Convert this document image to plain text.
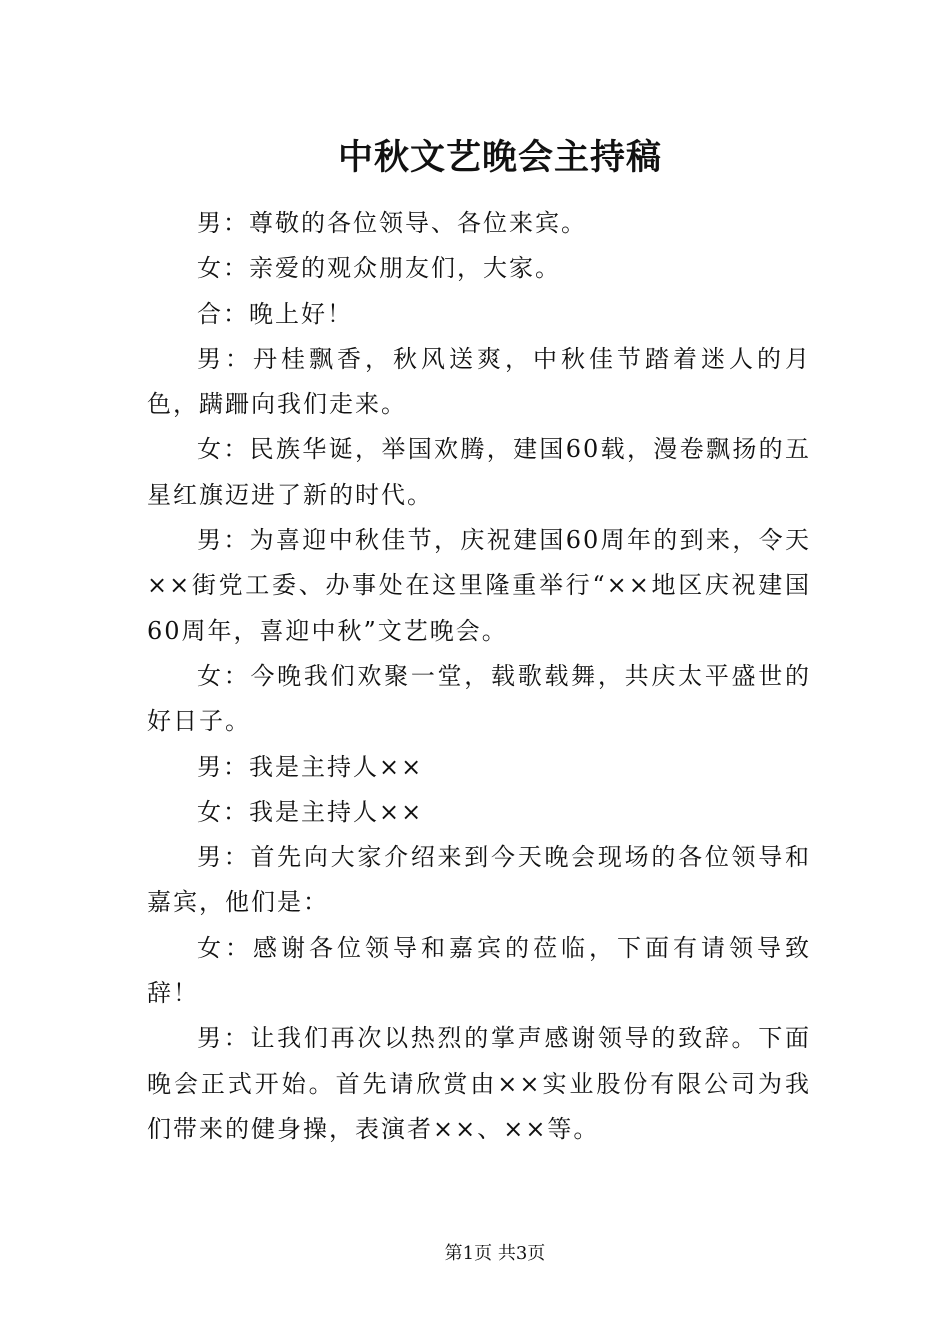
中秋文艺晚会主持稿

男：尊敬的各位领导、各位来宾。

女：亲爱的观众朋友们，大家。

合：晚上好！

男：丹桂飘香，秋风送爽，中秋佳节踏着迷人的月色，蹒跚向我们走来。

女：民族华诞，举国欢腾，建国60载，漫卷飘扬的五星红旗迈进了新的时代。

男：为喜迎中秋佳节，庆祝建国60周年的到来，令天××街党工委、办事处在这里隆重举行“××地区庆祝建国60周年，喜迎中秋”文艺晚会。

女：今晚我们欢聚一堂，载歌载舞，共庆太平盛世的好日子。

男：我是主持人××

女：我是主持人××

男：首先向大家介绍来到今天晚会现场的各位领导和嘉宾，他们是：

女：感谢各位领导和嘉宾的莅临，下面有请领导致辞！

男：让我们再次以热烈的掌声感谢领导的致辞。下面晚会正式开始。首先请欣赏由××实业股份有限公司为我们带来的健身操，表演者××、××等。

第1页 共3页
